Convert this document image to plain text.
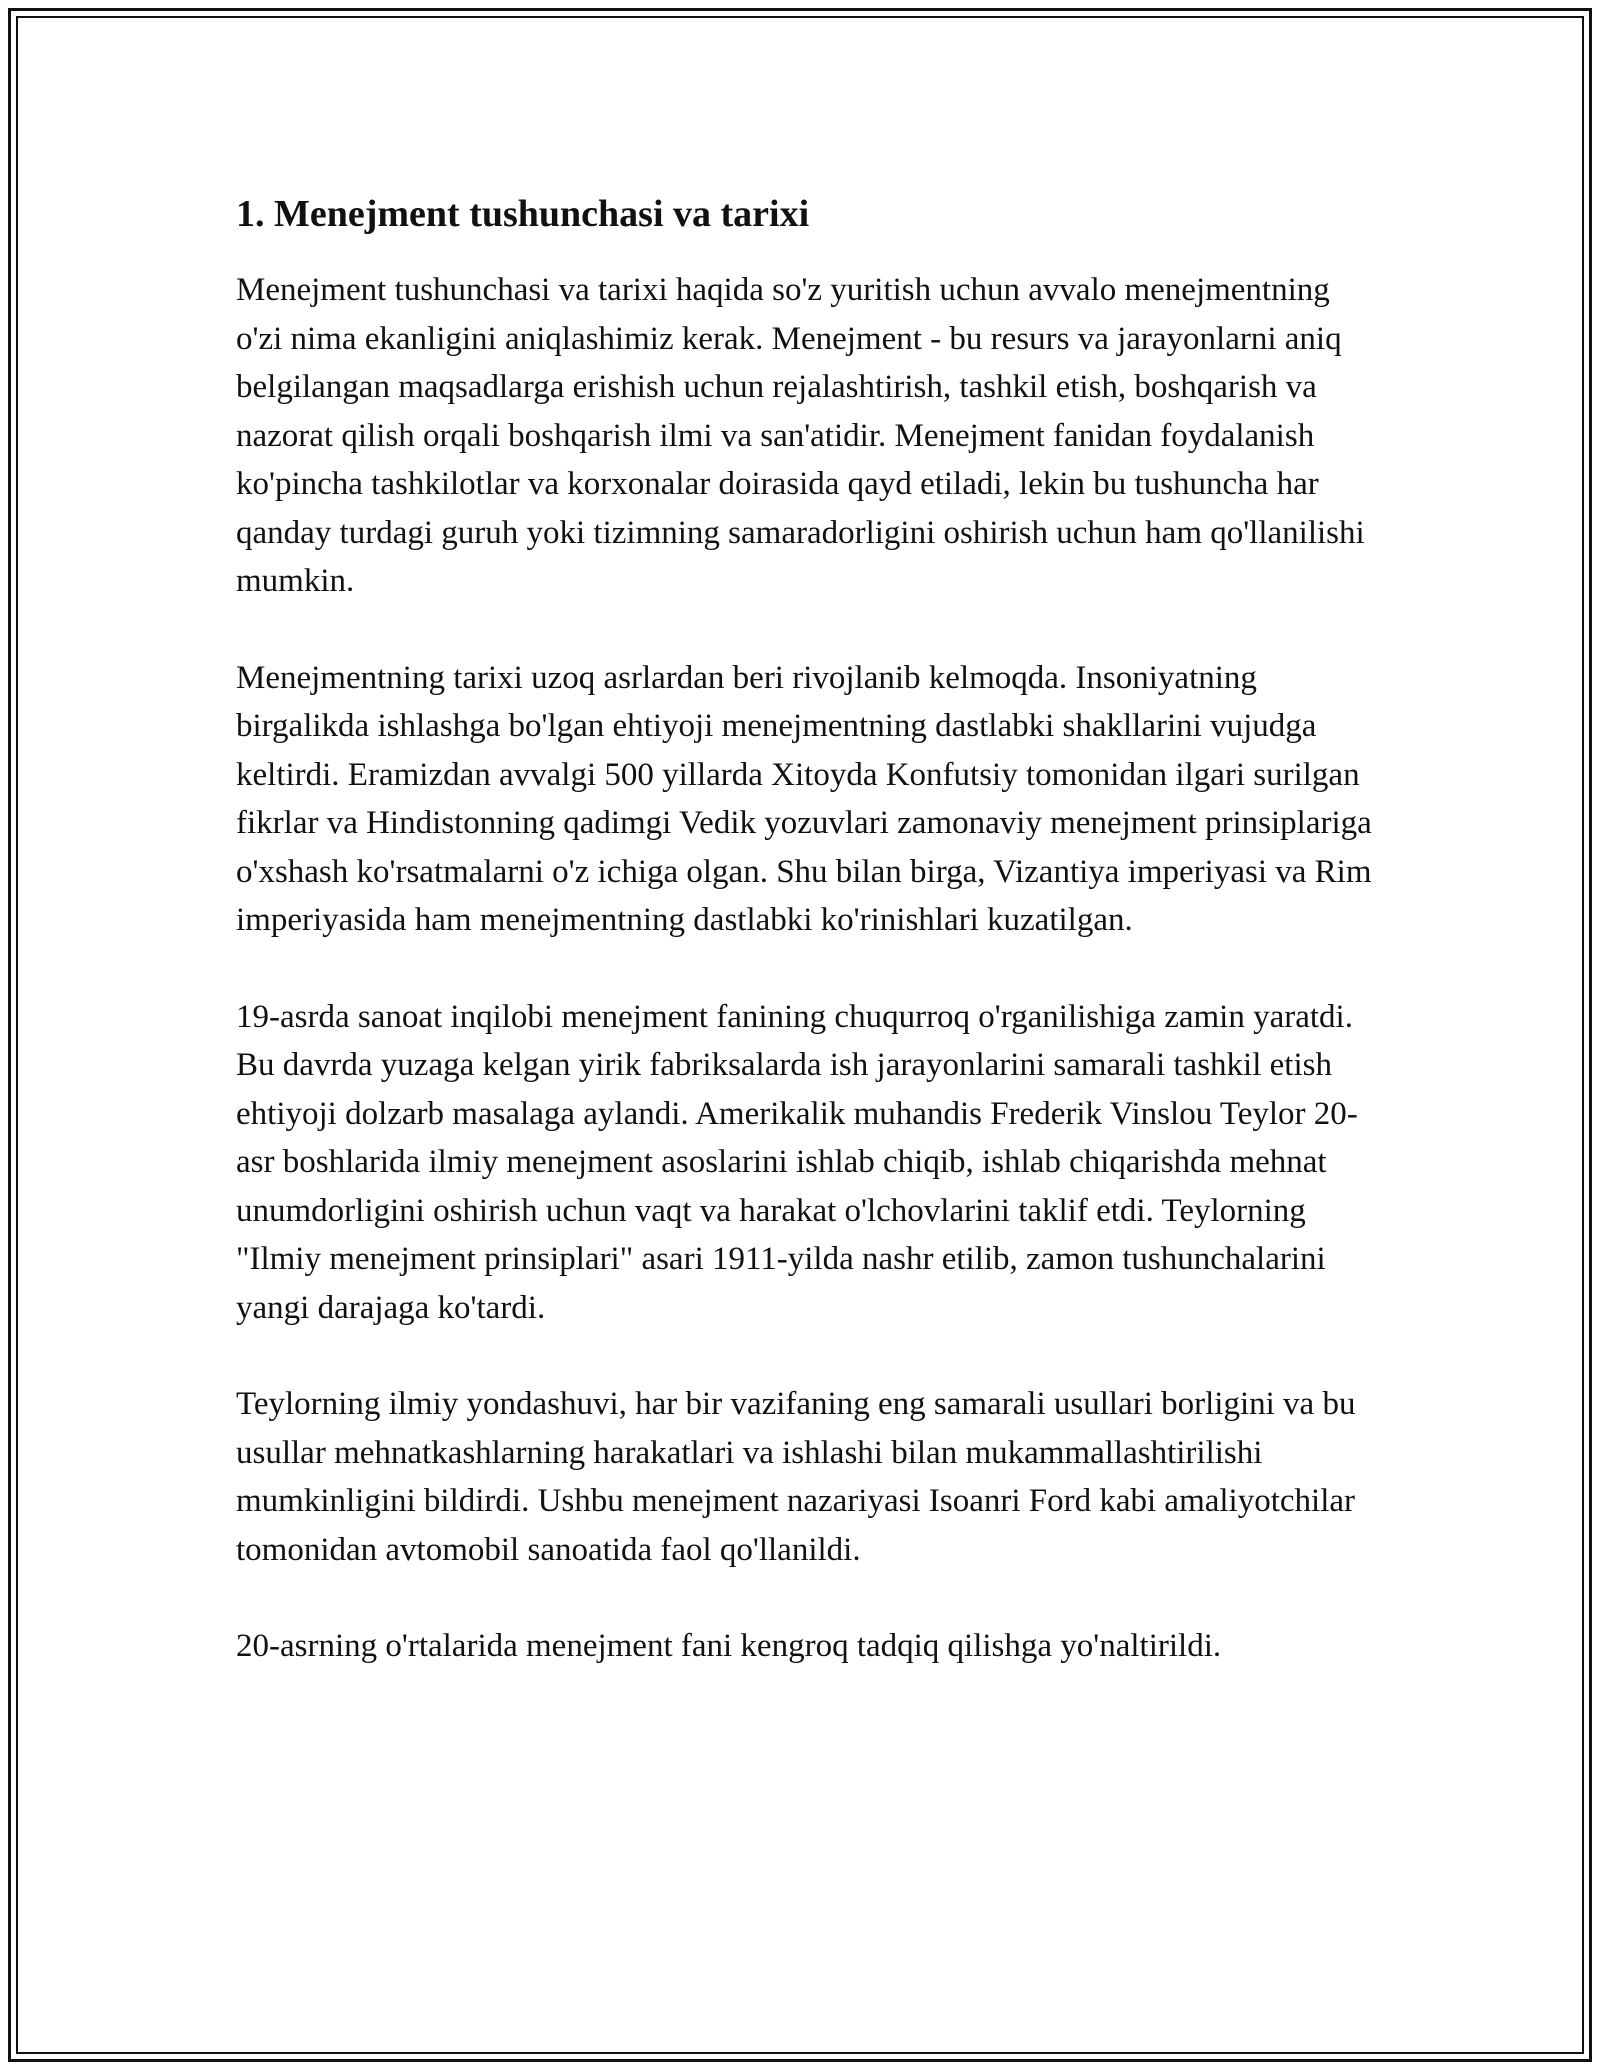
1. Menejment tushunchasi va tarixi

Menejment tushunchasi va tarixi haqida so'z yuritish uchun avvalo menejmentning o'zi nima ekanligini aniqlashimiz kerak. Menejment - bu resurs va jarayonlarni aniq belgilangan maqsadlarga erishish uchun rejalashtirish, tashkil etish, boshqarish va nazorat qilish orqali boshqarish ilmi va san'atidir. Menejment fanidan foydalanish ko'pincha tashkilotlar va korxonalar doirasida qayd etiladi, lekin bu tushuncha har qanday turdagi guruh yoki tizimning samaradorligini oshirish uchun ham qo'llanilishi mumkin.

Menejmentning tarixi uzoq asrlardan beri rivojlanib kelmoqda. Insoniyatning birgalikda ishlashga bo'lgan ehtiyoji menejmentning dastlabki shakllarini vujudga keltirdi. Eramizdan avvalgi 500 yillarda Xitoyda Konfutsiy tomonidan ilgari surilgan fikrlar va Hindistonning qadimgi Vedik yozuvlari zamonaviy menejment prinsiplariga o'xshash ko'rsatmalarni o'z ichiga olgan. Shu bilan birga, Vizantiya imperiyasi va Rim imperiyasida ham menejmentning dastlabki ko'rinishlari kuzatilgan.

19-asrda sanoat inqilobi menejment fanining chuqurroq o'rganilishiga zamin yaratdi. Bu davrda yuzaga kelgan yirik fabriksalarda ish jarayonlarini samarali tashkil etish ehtiyoji dolzarb masalaga aylandi. Amerikalik muhandis Frederik Vinslou Teylor 20-asr boshlarida ilmiy menejment asoslarini ishlab chiqib, ishlab chiqarishda mehnat unumdorligini oshirish uchun vaqt va harakat o'lchovlarini taklif etdi. Teylorning "Ilmiy menejment prinsiplari" asari 1911-yilda nashr etilib, zamon tushunchalarini yangi darajaga ko'tardi.

Teylorning ilmiy yondashuvi, har bir vazifaning eng samarali usullari borligini va bu usullar mehnatkashlarning harakatlari va ishlashi bilan mukammallashtirilishi mumkinligini bildirdi. Ushbu menejment nazariyasi Isoanri Ford kabi amaliyotchilar tomonidan avtomobil sanoatida faol qo'llanildi.

20-asrning o'rtalarida menejment fani kengroq tadqiq qilishga yo'naltirildi.
